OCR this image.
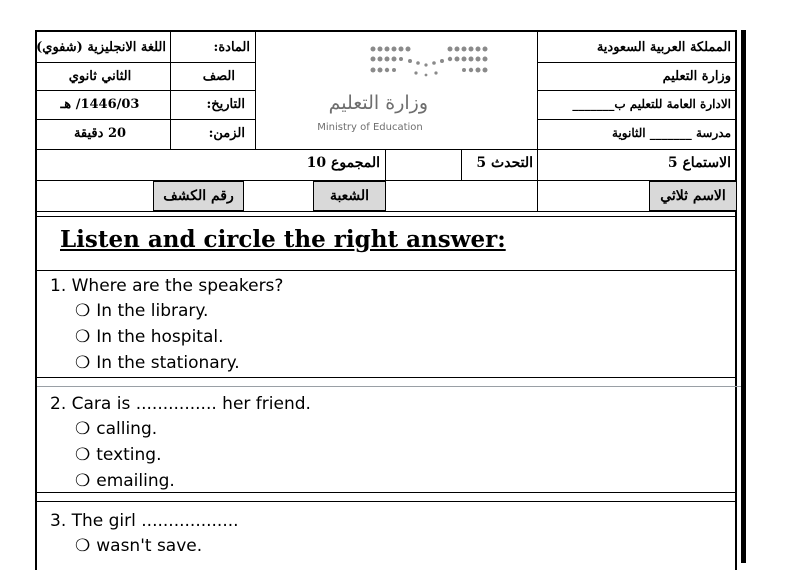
المادة:
اللغة الانجليزية (شفوي)
الصف
الثاني ثانوي
التاريخ:
1446/03/ هـ
الزمن:
20 دقيقة
وزارة التعليم
Ministry of Education
المملكة العربية السعودية
وزارة التعليم
الادارة العامة للتعليم ب_______
مدرسة _______ الثانوية
الاستماع 5
التحدث 5
المجموع 10
الاسم ثلاثي
الشعبة
رقم الكشف
Listen and circle the right answer:
1. Where are the speakers?
❍ In the library.
❍ In the hospital.
❍ In the stationary.
2. Cara is ............... her friend.
❍ calling.
❍ texting.
❍ emailing.
3. The girl ..................
❍ wasn't save.
